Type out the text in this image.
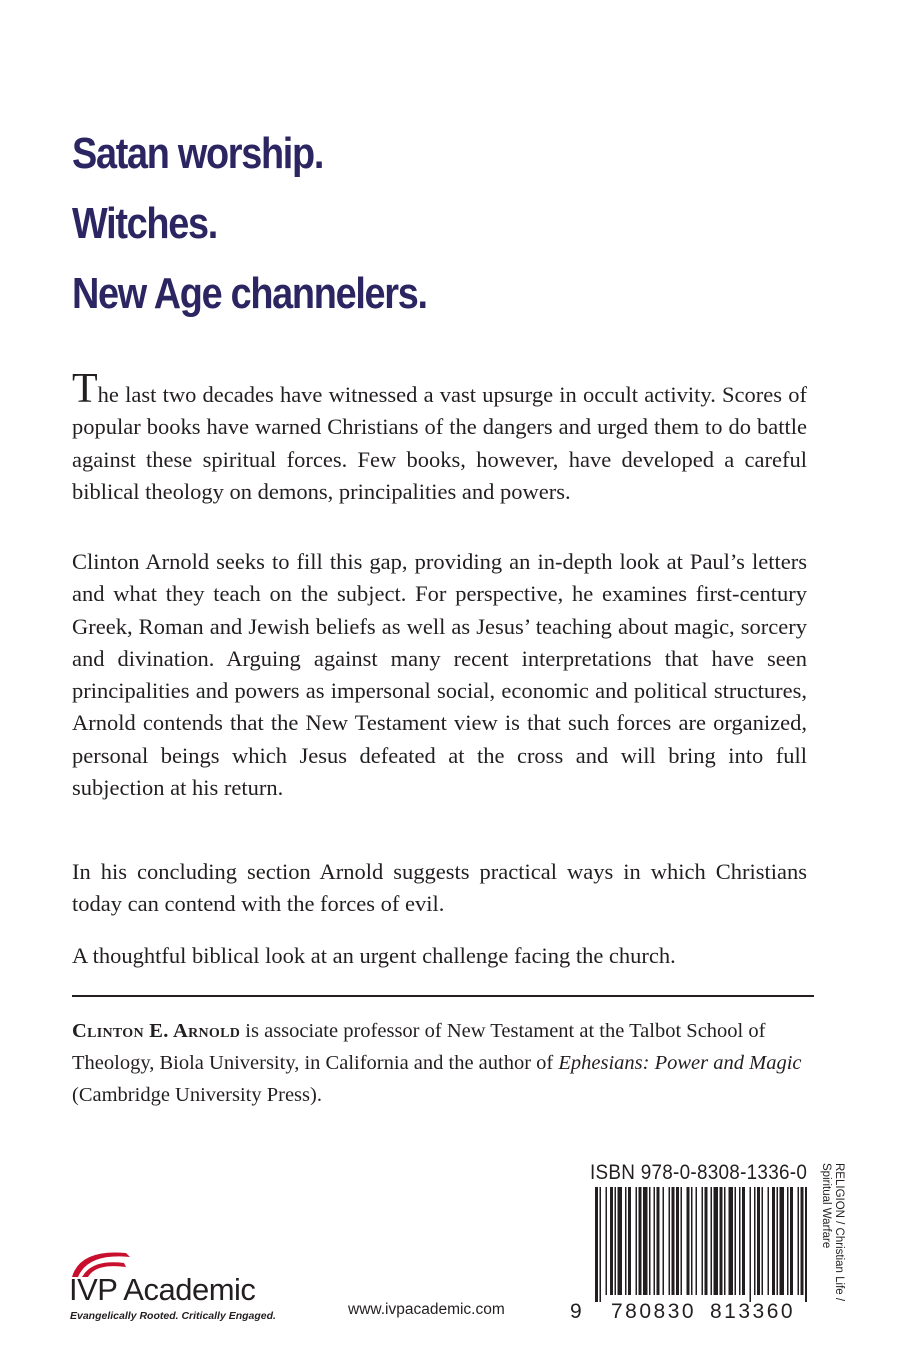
Satan worship.
Witches.
New Age channelers.

The last two decades have witnessed a vast upsurge in occult activity. Scores of popular books have warned Christians of the dangers and urged them to do battle against these spiritual forces. Few books, however, have developed a careful biblical theology on demons, principalities and powers.

Clinton Arnold seeks to fill this gap, providing an in-depth look at Paul’s letters and what they teach on the subject. For perspective, he examines first-century Greek, Roman and Jewish beliefs as well as Jesus’ teaching about magic, sorcery and divination. Arguing against many recent interpretations that have seen principalities and powers as impersonal social, economic and political structures, Arnold contends that the New Testament view is that such forces are organized, personal beings which Jesus defeated at the cross and will bring into full subjection at his return.

In his concluding section Arnold suggests practical ways in which Christians today can contend with the forces of evil.

A thoughtful biblical look at an urgent challenge facing the church.

Clinton E. Arnold is associate professor of New Testament at the Talbot School of Theology, Biola University, in California and the author of Ephesians: Power and Magic (Cambridge University Press).

ISBN 978-0-8308-1336-0

9 780830 813360

RELIGION / Christian Life /
Spiritual Warfare

IVP Academic

Evangelically Rooted. Critically Engaged.	www.ivpacademic.com
